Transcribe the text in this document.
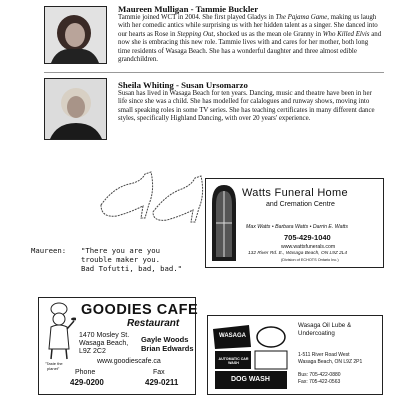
Maureen Mulligan - Tammie Buckler

Tammie joined WCT in 2004. She first played Gladys in The Pajama Game, making us laugh with her comedic antics while surprising us with her hidden talent as a singer. She danced into our hearts as Rose in Stepping Out, shocked us as the mean ole Granny in Who Killed Elvis and now she is embracing this new role. Tammie lives with and cares for her mother, both long time residents of Wasaga Beach. She has a wonderful daughter and three almost edible grandchildren.

Sheila Whiting - Susan Ursomarzo

Susan has lived in Wasaga Beach for ten years. Dancing, music and theatre have been in her life since she was a child. She has modelled for calalogues and runway shows, moving into small speaking roles in some TV series. She has teaching certificates in many different dance styles, specifically Highland Dancing, with over 20 years' experience.

Maureen: "There you are you
trouble maker you.
Bad Tofutti, bad, bad."
Watts Funeral Home
and Cremation Centre
Max Watts • Barbara Watts • Darrin E. Watts
705-429-1040
www.wattsfunerals.com
132 River Rd. E., Wasaga Beach, ON L9Z 2L4
(Division of ECHOTS Ontario Inc.)
GOODIES CAFE
Restaurant
1470 Mosley St.
Wasaga Beach,
L9Z 2C2
Gayle Woods
Brian Edwards
"Taste the
planet"
www.goodiescafe.ca
Phone
429-0200
Fax
429-0211
WASAGA
AUTOMATIC CAR WASH
DOG WASH
Wasaga Oil Lube &
Undercoating
1-511 River Road West
Wasaga Beach, ON L9Z 2P1
Bus: 705-422-0880
Fax: 705-422-0563
